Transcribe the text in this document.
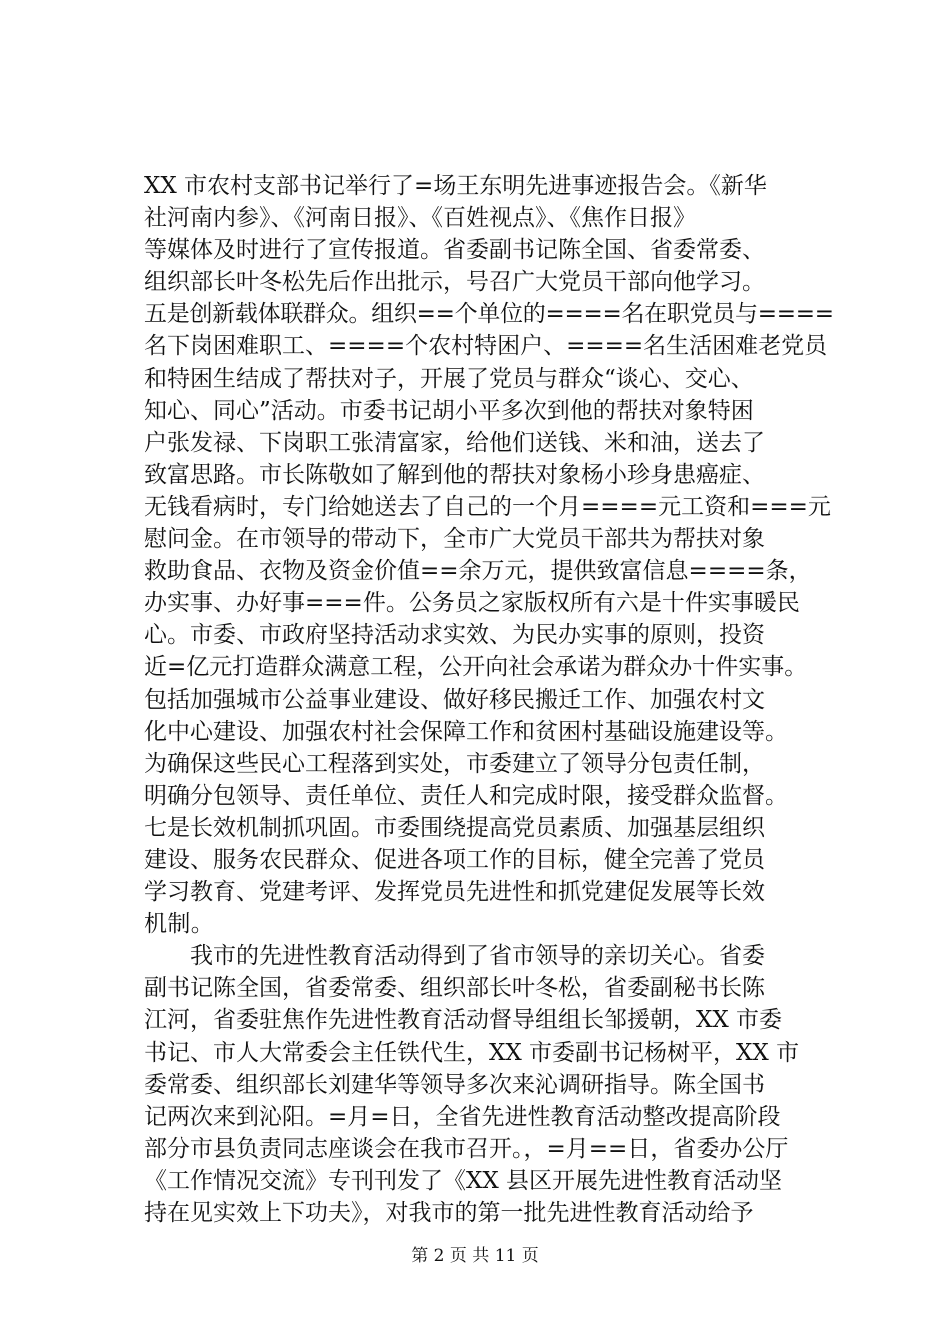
XX 市农村支部书记举行了=场王东明先进事迹报告会。《新华
社河南内参》、《河南日报》、《百姓视点》、《焦作日报》
等媒体及时进行了宣传报道。省委副书记陈全国、省委常委、
组织部长叶冬松先后作出批示，号召广大党员干部向他学习。
五是创新载体联群众。组织==个单位的====名在职党员与====
名下岗困难职工、====个农村特困户、====名生活困难老党员
和特困生结成了帮扶对子，开展了党员与群众“谈心、交心、
知心、同心”活动。市委书记胡小平多次到他的帮扶对象特困
户张发禄、下岗职工张清富家，给他们送钱、米和油，送去了
致富思路。市长陈敬如了解到他的帮扶对象杨小珍身患癌症、
无钱看病时，专门给她送去了自己的一个月====元工资和===元
慰问金。在市领导的带动下，全市广大党员干部共为帮扶对象
救助食品、衣物及资金价值==余万元，提供致富信息====条，
办实事、办好事===件。公务员之家版权所有六是十件实事暖民
心。市委、市政府坚持活动求实效、为民办实事的原则，投资
近=亿元打造群众满意工程，公开向社会承诺为群众办十件实事。
包括加强城市公益事业建设、做好移民搬迁工作、加强农村文
化中心建设、加强农村社会保障工作和贫困村基础设施建设等。
为确保这些民心工程落到实处，市委建立了领导分包责任制，
明确分包领导、责任单位、责任人和完成时限，接受群众监督。
七是长效机制抓巩固。市委围绕提高党员素质、加强基层组织
建设、服务农民群众、促进各项工作的目标，健全完善了党员
学习教育、党建考评、发挥党员先进性和抓党建促发展等长效
机制。
　　我市的先进性教育活动得到了省市领导的亲切关心。省委
副书记陈全国，省委常委、组织部长叶冬松，省委副秘书长陈
江河，省委驻焦作先进性教育活动督导组组长邹援朝，XX 市委
书记、市人大常委会主任铁代生，XX 市委副书记杨树平，XX 市
委常委、组织部长刘建华等领导多次来沁调研指导。陈全国书
记两次来到沁阳。=月=日，全省先进性教育活动整改提高阶段
部分市县负责同志座谈会在我市召开。，=月==日，省委办公厅
《工作情况交流》专刊刊发了《XX 县区开展先进性教育活动坚
持在见实效上下功夫》，对我市的第一批先进性教育活动给予
第 2 页 共 11 页
